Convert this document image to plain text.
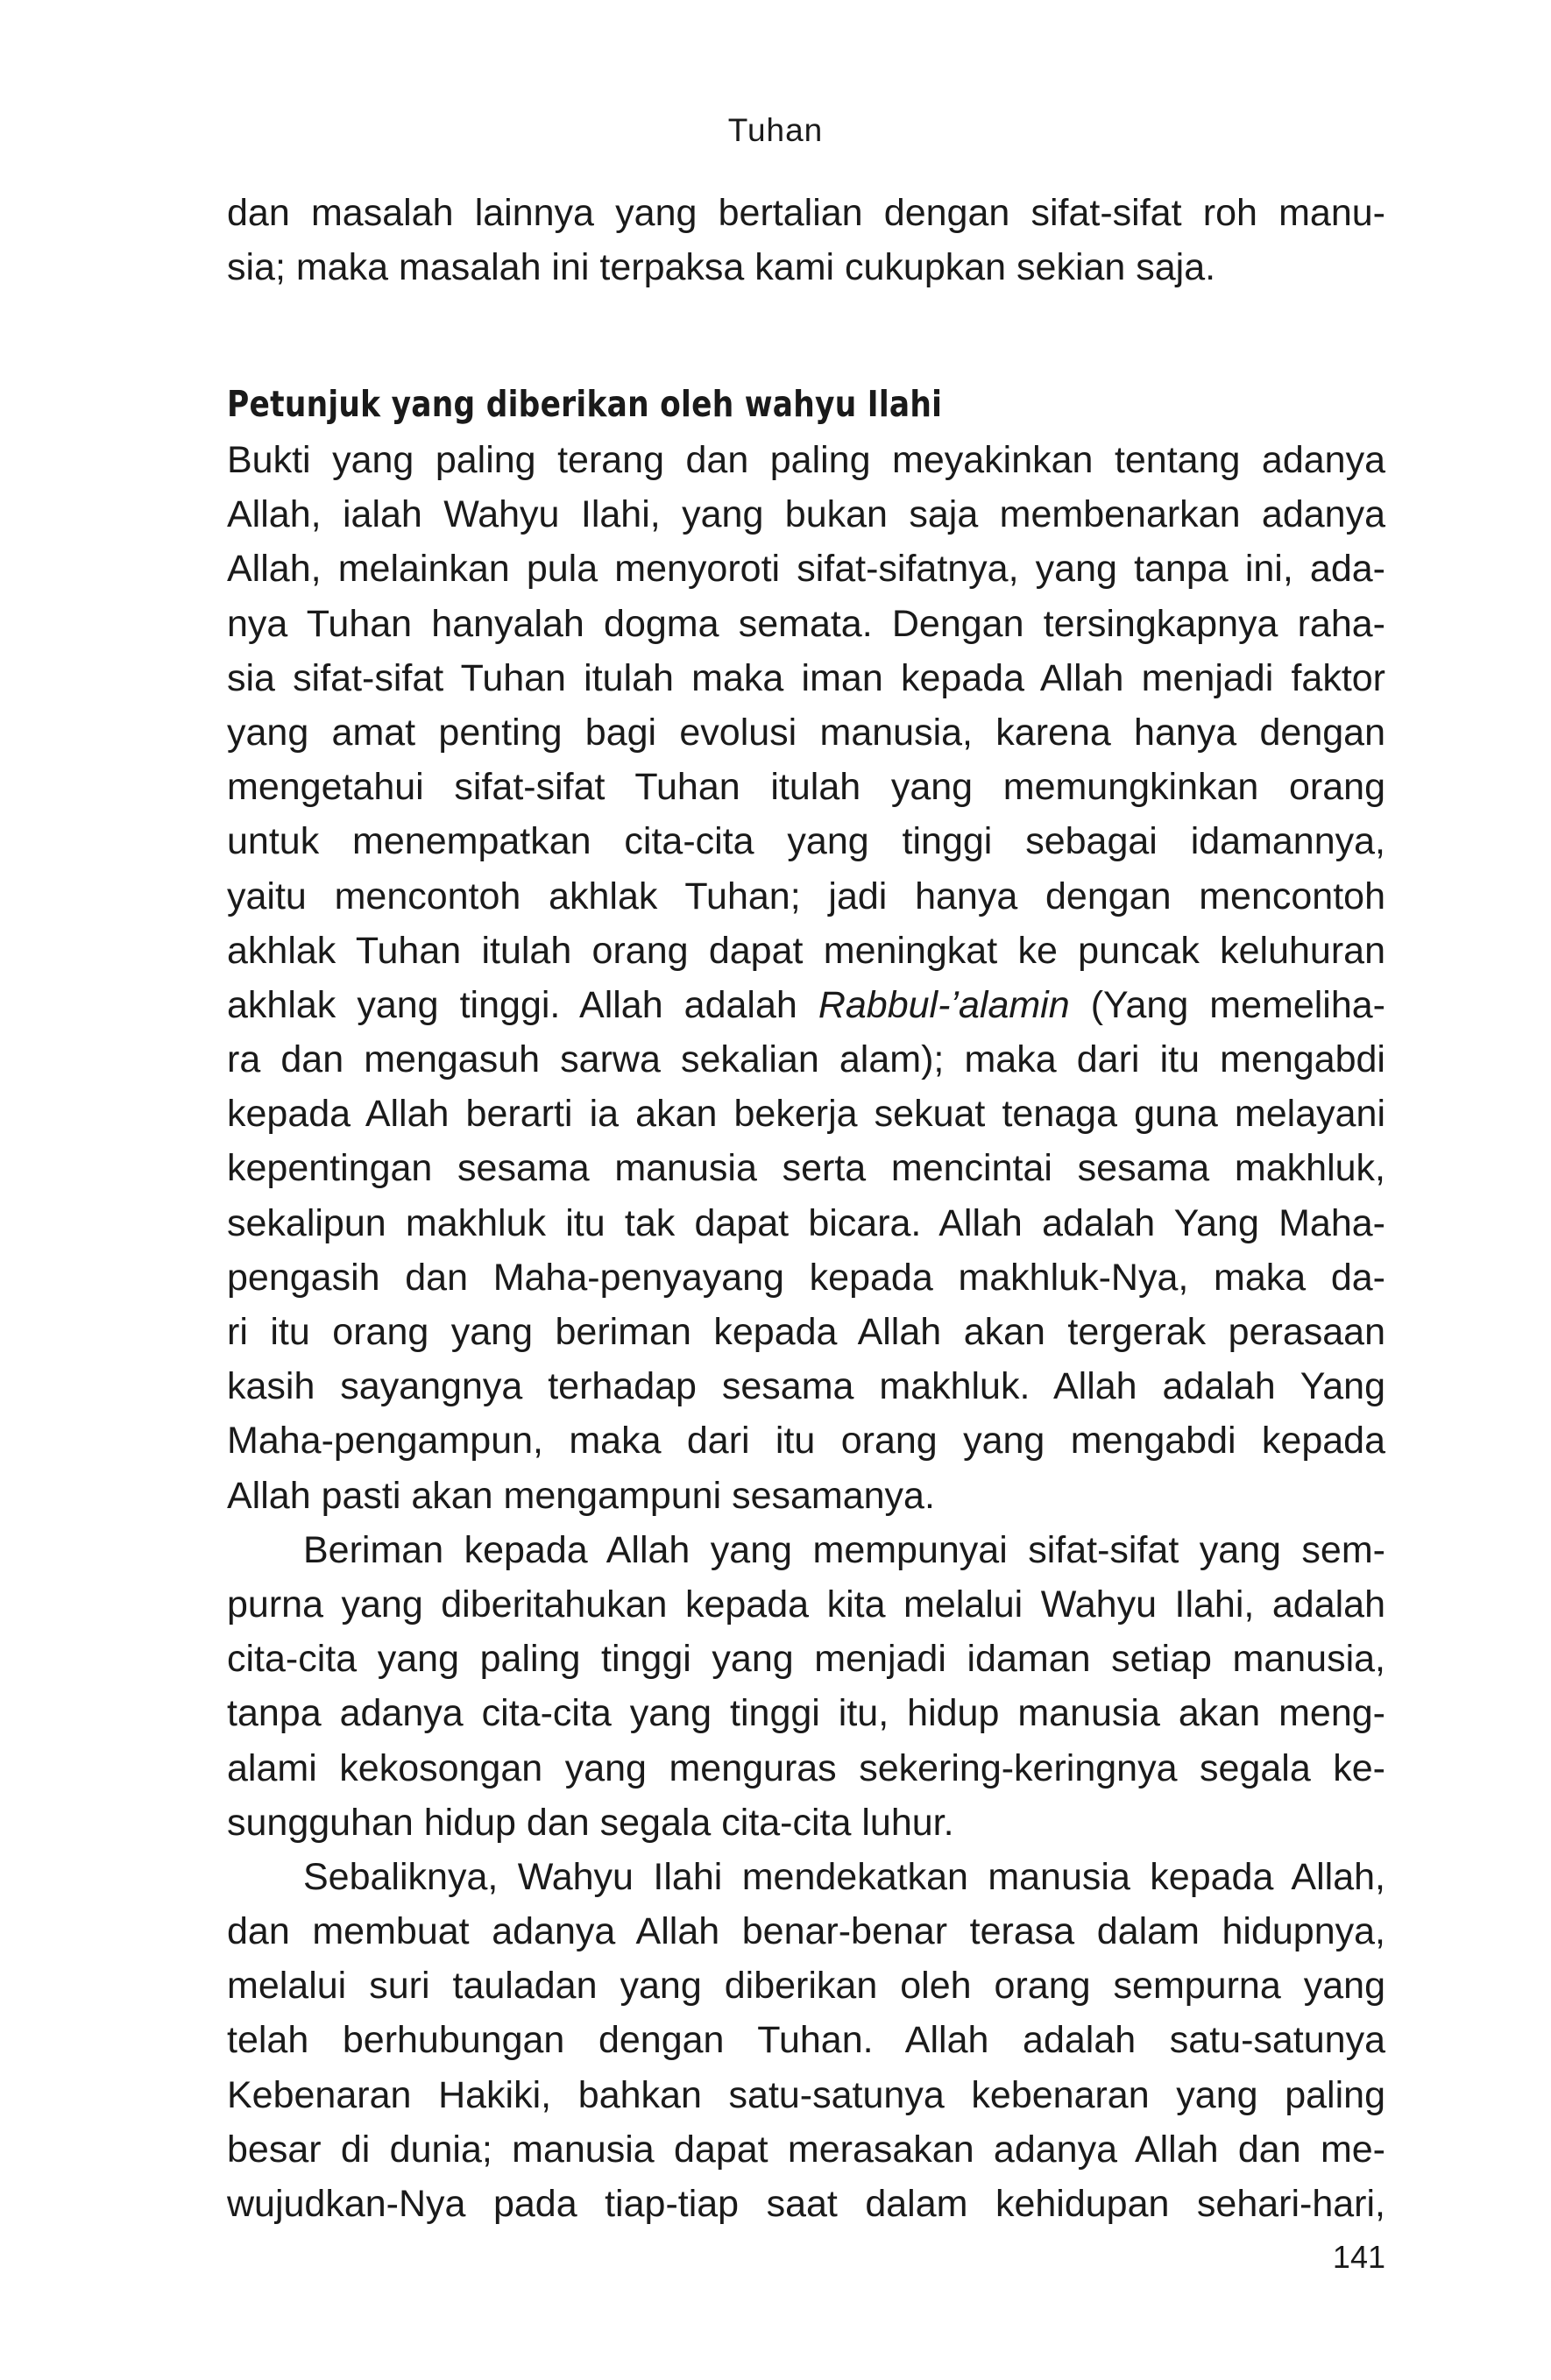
Tuhan
dan masalah lainnya yang bertalian dengan sifat-sifat roh manu-
sia; maka masalah ini terpaksa kami cukupkan sekian saja.
Petunjuk yang diberikan oleh wahyu Ilahi
Bukti yang paling terang dan paling meyakinkan tentang adanya
Allah, ialah Wahyu Ilahi, yang bukan saja membenarkan adanya
Allah, melainkan pula menyoroti sifat-sifatnya, yang tanpa ini, ada-
nya Tuhan hanyalah dogma semata. Dengan tersingkapnya raha-
sia sifat-sifat Tuhan itulah maka iman kepada Allah menjadi faktor
yang amat penting bagi evolusi manusia, karena hanya dengan
mengetahui sifat-sifat Tuhan itulah yang memungkinkan orang
untuk menempatkan cita-cita yang tinggi sebagai idamannya,
yaitu mencontoh akhlak Tuhan; jadi hanya dengan mencontoh
akhlak Tuhan itulah orang dapat meningkat ke puncak keluhuran
akhlak yang tinggi. Allah adalah Rabbul-’alamin (Yang memeliha-
ra dan mengasuh sarwa sekalian alam); maka dari itu mengabdi
kepada Allah berarti ia akan bekerja sekuat tenaga guna melayani
kepentingan sesama manusia serta mencintai sesama makhluk,
sekalipun makhluk itu tak dapat bicara. Allah adalah Yang Maha-
pengasih dan Maha-penyayang kepada makhluk-Nya, maka da-
ri itu orang yang beriman kepada Allah akan tergerak perasaan
kasih sayangnya terhadap sesama makhluk. Allah adalah Yang
Maha-pengampun, maka dari itu orang yang mengabdi kepada
Allah pasti akan mengampuni sesamanya.
Beriman kepada Allah yang mempunyai sifat-sifat yang sem-
purna yang diberitahukan kepada kita melalui Wahyu Ilahi, adalah
cita-cita yang paling tinggi yang menjadi idaman setiap manusia,
tanpa adanya cita-cita yang tinggi itu, hidup manusia akan meng-
alami kekosongan yang menguras sekering-keringnya segala ke-
sungguhan hidup dan segala cita-cita luhur.
Sebaliknya, Wahyu Ilahi mendekatkan manusia kepada Allah,
dan membuat adanya Allah benar-benar terasa dalam hidupnya,
melalui suri tauladan yang diberikan oleh orang sempurna yang
telah berhubungan dengan Tuhan. Allah adalah satu-satunya
Kebenaran Hakiki, bahkan satu-satunya kebenaran yang paling
besar di dunia; manusia dapat merasakan adanya Allah dan me-
wujudkan-Nya pada tiap-tiap saat dalam kehidupan sehari-hari,
141
